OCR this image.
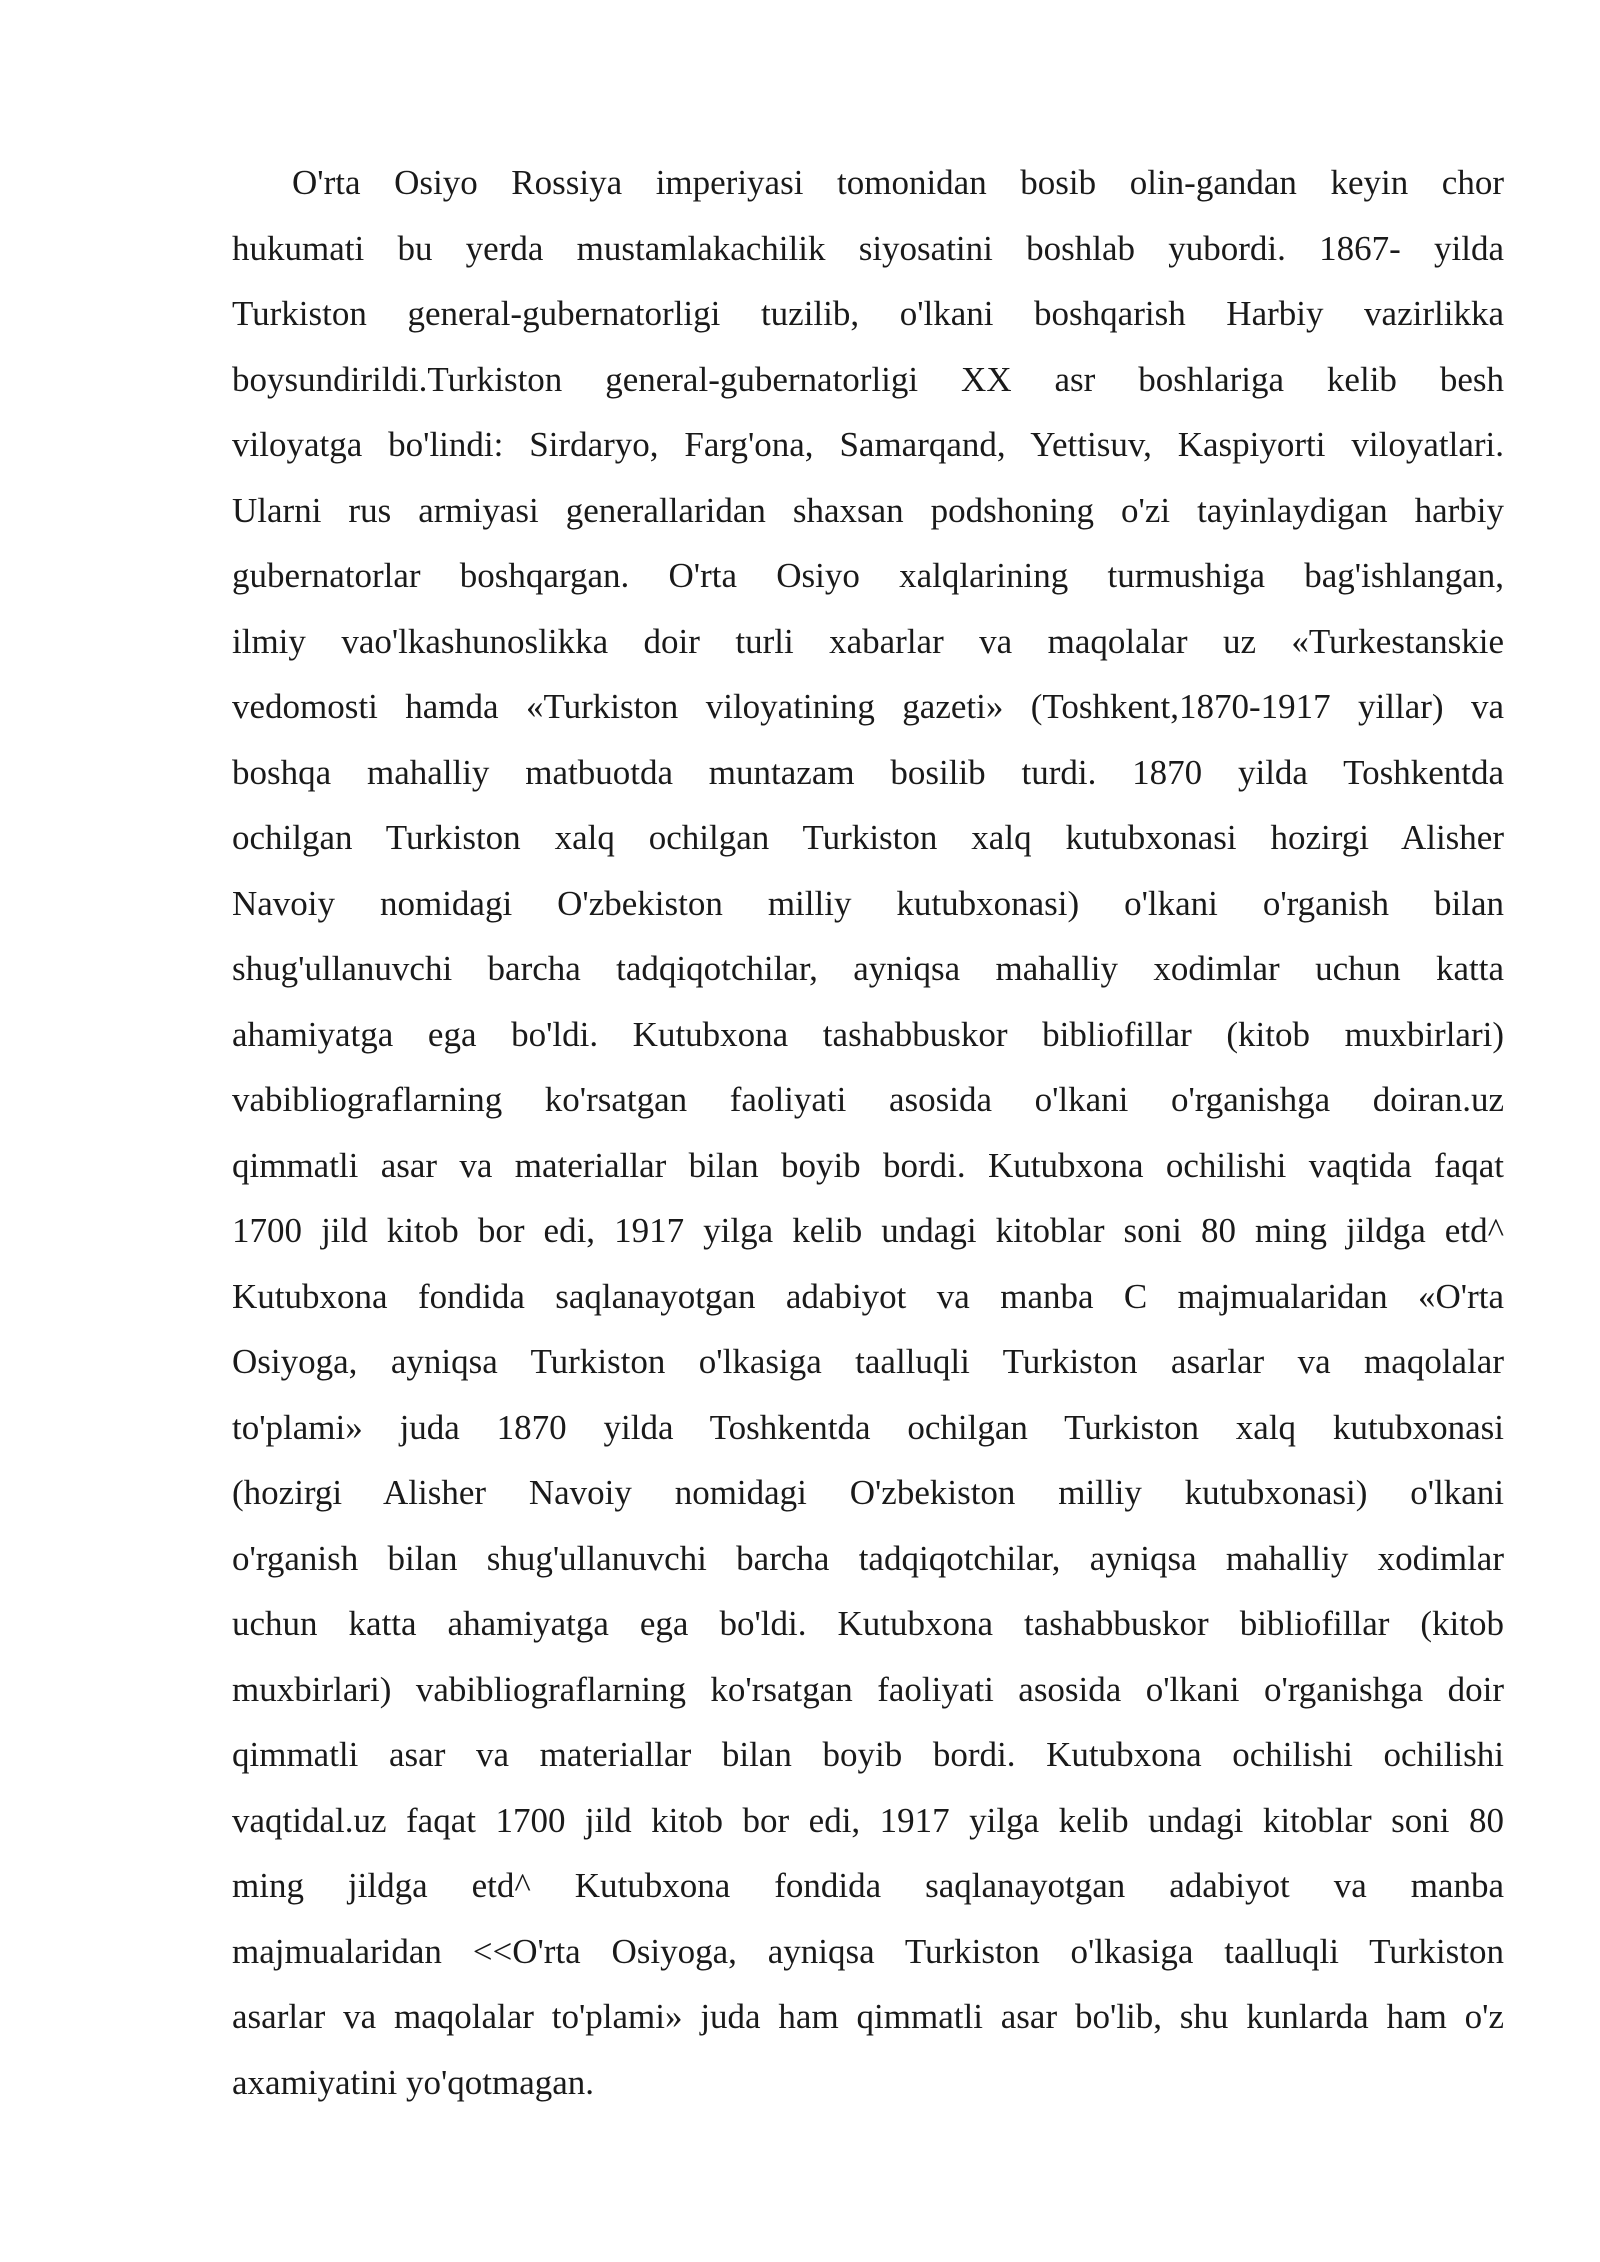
O'rta Osiyo Rossiya imperiyasi tomonidan bosib olin-gandan keyin chor
hukumati bu yerda mustamlakachilik siyosatini boshlab yubordi. 1867- yilda
Turkiston general-gubernatorligi tuzilib, o'lkani boshqarish Harbiy vazirlikka
boysundirildi.Turkiston general-gubernatorligi XX asr boshlariga kelib besh
viloyatga bo'lindi: Sirdaryo, Farg'ona, Samarqand, Yettisuv, Kaspiyorti viloyatlari.
Ularni rus armiyasi generallaridan shaxsan podshoning o'zi tayinlaydigan harbiy
gubernatorlar boshqargan. O'rta Osiyo xalqlarining turmushiga bag'ishlangan,
ilmiy vao'lkashunoslikka doir turli xabarlar va maqolalar uz «Turkestanskie
vedomosti hamda «Turkiston viloyatining gazeti» (Toshkent,1870-1917 yillar) va
boshqa mahalliy matbuotda muntazam bosilib turdi. 1870 yilda Toshkentda
ochilgan Turkiston xalq ochilgan Turkiston xalq kutubxonasi hozirgi Alisher
Navoiy nomidagi O'zbekiston milliy kutubxonasi) o'lkani o'rganish bilan
shug'ullanuvchi barcha tadqiqotchilar, ayniqsa mahalliy xodimlar uchun katta
ahamiyatga ega bo'ldi. Kutubxona tashabbuskor bibliofillar (kitob muxbirlari)
vabibliograflarning ko'rsatgan faoliyati asosida o'lkani o'rganishga doiran.uz
qimmatli asar va materiallar bilan boyib bordi. Kutubxona ochilishi vaqtida faqat
1700 jild kitob bor edi, 1917 yilga kelib undagi kitoblar soni 80 ming jildga etd^
Kutubxona fondida saqlanayotgan adabiyot va manba C majmualaridan «O'rta
Osiyoga, ayniqsa Turkiston o'lkasiga taalluqli Turkiston asarlar va maqolalar
to'plami» juda 1870 yilda Toshkentda ochilgan Turkiston xalq kutubxonasi
(hozirgi Alisher Navoiy nomidagi O'zbekiston milliy kutubxonasi) o'lkani
o'rganish bilan shug'ullanuvchi barcha tadqiqotchilar, ayniqsa mahalliy xodimlar
uchun katta ahamiyatga ega bo'ldi. Kutubxona tashabbuskor bibliofillar (kitob
muxbirlari) vabibliograflarning ko'rsatgan faoliyati asosida o'lkani o'rganishga doir
qimmatli asar va materiallar bilan boyib bordi. Kutubxona ochilishi ochilishi
vaqtidal.uz faqat 1700 jild kitob bor edi, 1917 yilga kelib undagi kitoblar soni 80
ming jildga etd^ Kutubxona fondida saqlanayotgan adabiyot va manba
majmualaridan <<O'rta Osiyoga, ayniqsa Turkiston o'lkasiga taalluqli Turkiston
asarlar va maqolalar to'plami» juda ham qimmatli asar bo'lib, shu kunlarda ham o'z
axamiyatini yo'qotmagan.
